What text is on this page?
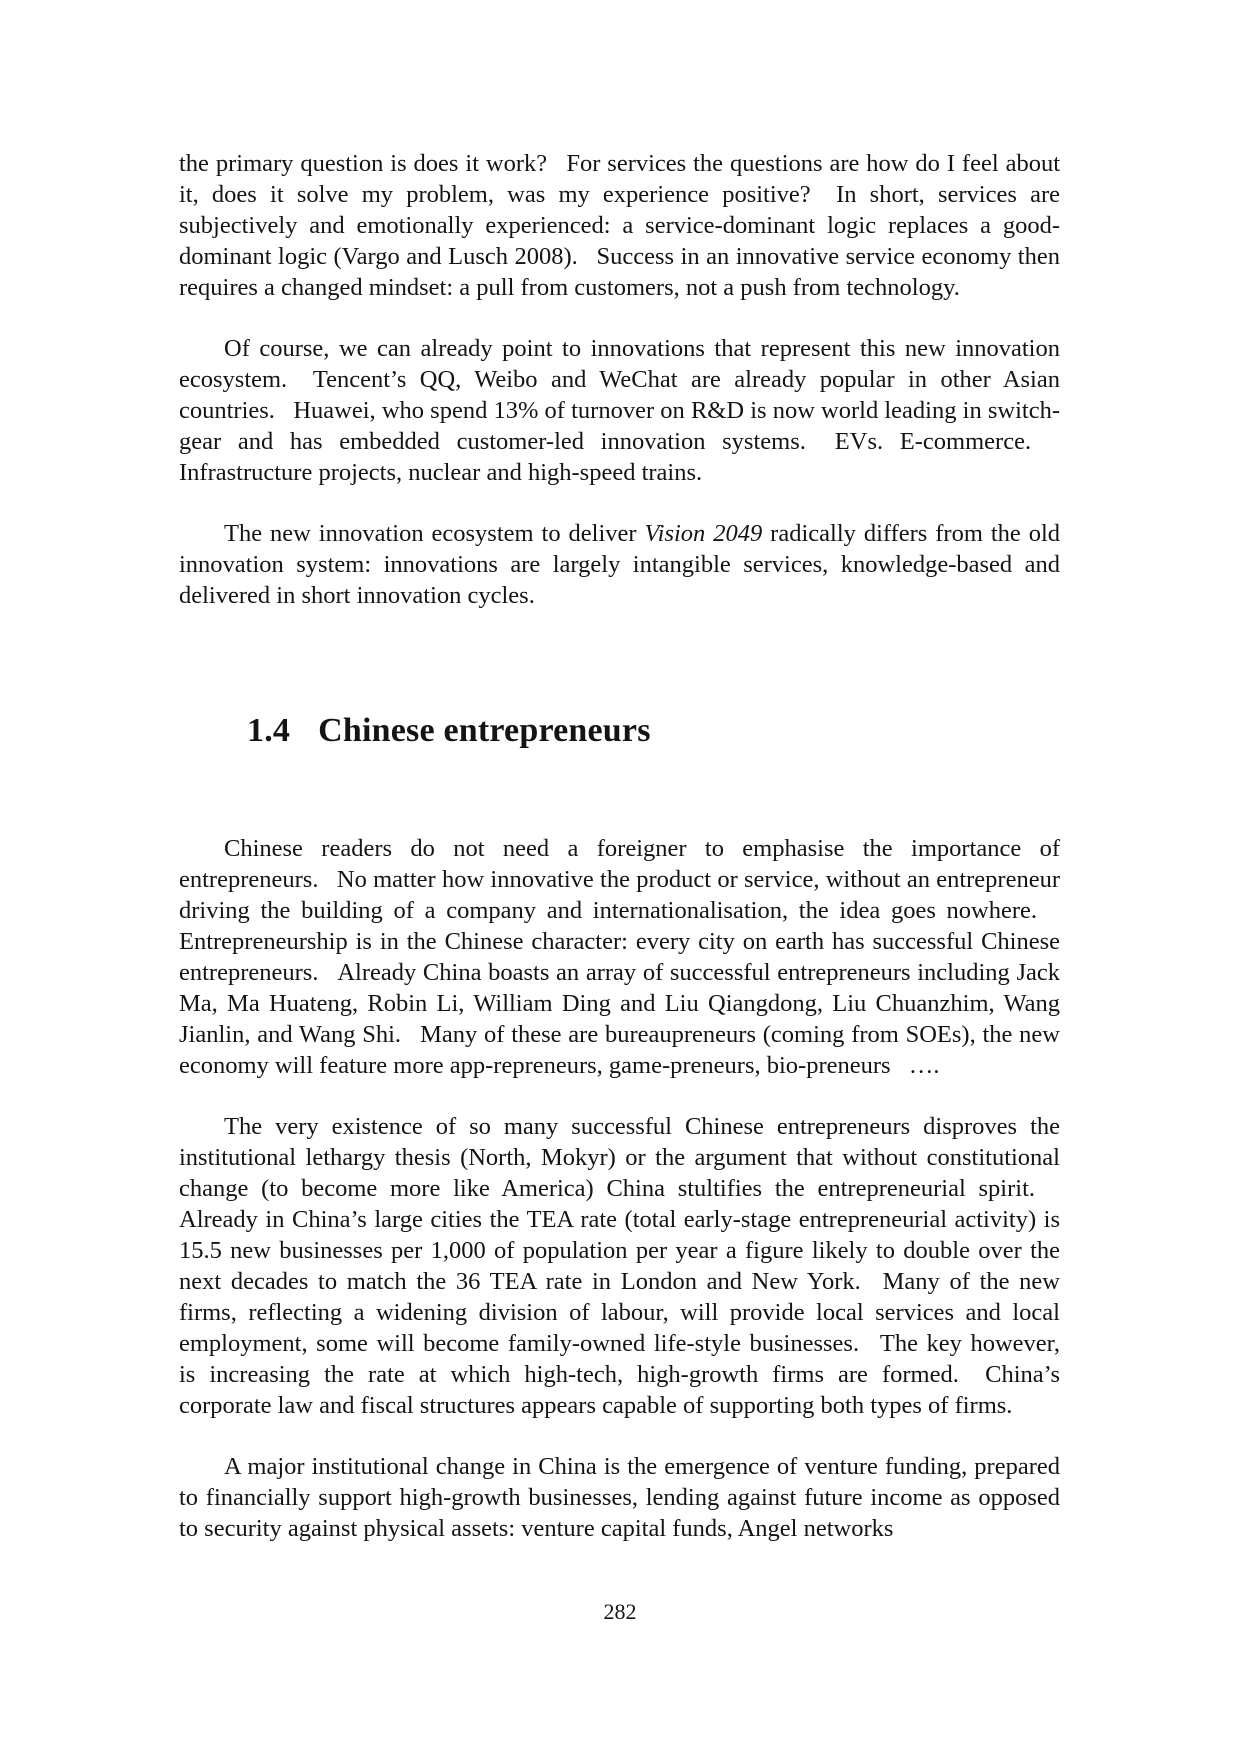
the primary question is does it work?  For services the questions are how do I feel about it, does it solve my problem, was my experience positive?  In short, services are subjectively and emotionally experienced: a service-dominant logic replaces a good-dominant logic (Vargo and Lusch 2008).  Success in an innovative service economy then requires a changed mindset: a pull from customers, not a push from technology.

Of course, we can already point to innovations that represent this new innovation ecosystem.  Tencent’s QQ, Weibo and WeChat are already popular in other Asian countries.  Huawei, who spend 13% of turnover on R&D is now world leading in switch-gear and has embedded customer-led innovation systems.  EVs. E-commerce.  Infrastructure projects, nuclear and high-speed trains.

The new innovation ecosystem to deliver Vision 2049 radically differs from the old innovation system: innovations are largely intangible services, knowledge-based and delivered in short innovation cycles.

1.4 Chinese entrepreneurs

Chinese readers do not need a foreigner to emphasise the importance of entrepreneurs.  No matter how innovative the product or service, without an entrepreneur driving the building of a company and internationalisation, the idea goes nowhere.  Entrepreneurship is in the Chinese character: every city on earth has successful Chinese entrepreneurs.  Already China boasts an array of successful entrepreneurs including Jack Ma, Ma Huateng, Robin Li, William Ding and Liu Qiangdong, Liu Chuanzhim, Wang Jianlin, and Wang Shi.  Many of these are bureaupreneurs (coming from SOEs), the new economy will feature more app-repreneurs, game-preneurs, bio-preneurs  ….

The very existence of so many successful Chinese entrepreneurs disproves the institutional lethargy thesis (North, Mokyr) or the argument that without constitutional change (to become more like America) China stultifies the entrepreneurial spirit.  Already in China’s large cities the TEA rate (total early-stage entrepreneurial activity) is 15.5 new businesses per 1,000 of population per year a figure likely to double over the next decades to match the 36 TEA rate in London and New York.  Many of the new firms, reflecting a widening division of labour, will provide local services and local employment, some will become family-owned life-style businesses.  The key however, is increasing the rate at which high-tech, high-growth firms are formed.  China’s corporate law and fiscal structures appears capable of supporting both types of firms.

A major institutional change in China is the emergence of venture funding, prepared to financially support high-growth businesses, lending against future income as opposed to security against physical assets: venture capital funds, Angel networks

282
